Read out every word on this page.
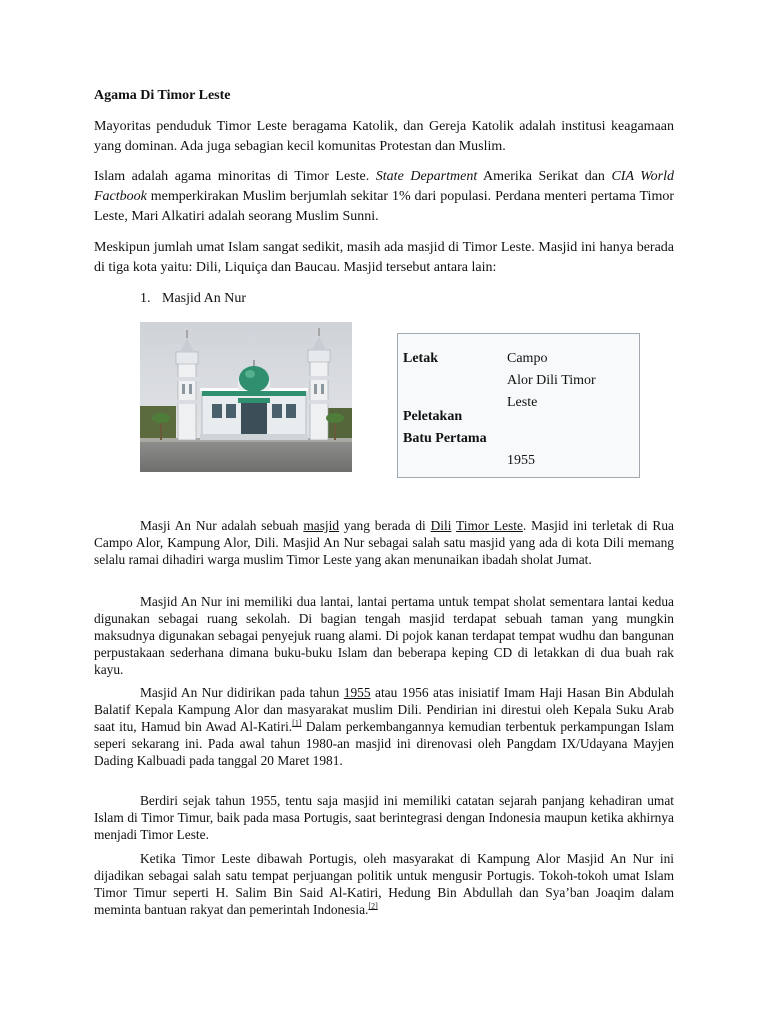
Agama Di Timor Leste

Mayoritas penduduk Timor Leste beragama Katolik, dan Gereja Katolik adalah institusi keagamaan yang dominan. Ada juga sebagian kecil komunitas Protestan dan Muslim.

Islam adalah agama minoritas di Timor Leste. State Department Amerika Serikat dan CIA World Factbook memperkirakan Muslim berjumlah sekitar 1% dari populasi. Perdana menteri pertama Timor Leste, Mari Alkatiri adalah seorang Muslim Sunni.

Meskipun jumlah umat Islam sangat sedikit, masih ada masjid di Timor Leste. Masjid ini hanya berada di tiga kota yaitu: Dili, Liquiça dan Baucau. Masjid tersebut antara lain:

1. Masjid An Nur
Letak	Campo
Alor Dili Timor
Leste
Peletakan
Batu Pertama
1955

Masji An Nur adalah sebuah masjid yang berada di Dili Timor Leste. Masjid ini terletak di Rua Campo Alor, Kampung Alor, Dili. Masjid An Nur sebagai salah satu masjid yang ada di kota Dili memang selalu ramai dihadiri warga muslim Timor Leste yang akan menunaikan ibadah sholat Jumat.

Masjid An Nur ini memiliki dua lantai, lantai pertama untuk tempat sholat sementara lantai kedua digunakan sebagai ruang sekolah. Di bagian tengah masjid terdapat sebuah taman yang mungkin maksudnya digunakan sebagai penyejuk ruang alami. Di pojok kanan terdapat tempat wudhu dan bangunan perpustakaan sederhana dimana buku-buku Islam dan beberapa keping CD di letakkan di dua buah rak kayu.

Masjid An Nur didirikan pada tahun 1955 atau 1956 atas inisiatif Imam Haji Hasan Bin Abdulah Balatif Kepala Kampung Alor dan masyarakat muslim Dili. Pendirian ini direstui oleh Kepala Suku Arab saat itu, Hamud bin Awad Al-Katiri.[1] Dalam perkembangannya kemudian terbentuk perkampungan Islam seperi sekarang ini. Pada awal tahun 1980-an masjid ini direnovasi oleh Pangdam IX/Udayana Mayjen Dading Kalbuadi pada tanggal 20 Maret 1981.

Berdiri sejak tahun 1955, tentu saja masjid ini memiliki catatan sejarah panjang kehadiran umat Islam di Timor Timur, baik pada masa Portugis, saat berintegrasi dengan Indonesia maupun ketika akhirnya menjadi Timor Leste.

Ketika Timor Leste dibawah Portugis, oleh masyarakat di Kampung Alor Masjid An Nur ini dijadikan sebagai salah satu tempat perjuangan politik untuk mengusir Portugis. Tokoh-tokoh umat Islam Timor Timur seperti H. Salim Bin Said Al-Katiri, Hedung Bin Abdullah dan Sya’ban Joaqim dalam meminta bantuan rakyat dan pemerintah Indonesia.[2]
